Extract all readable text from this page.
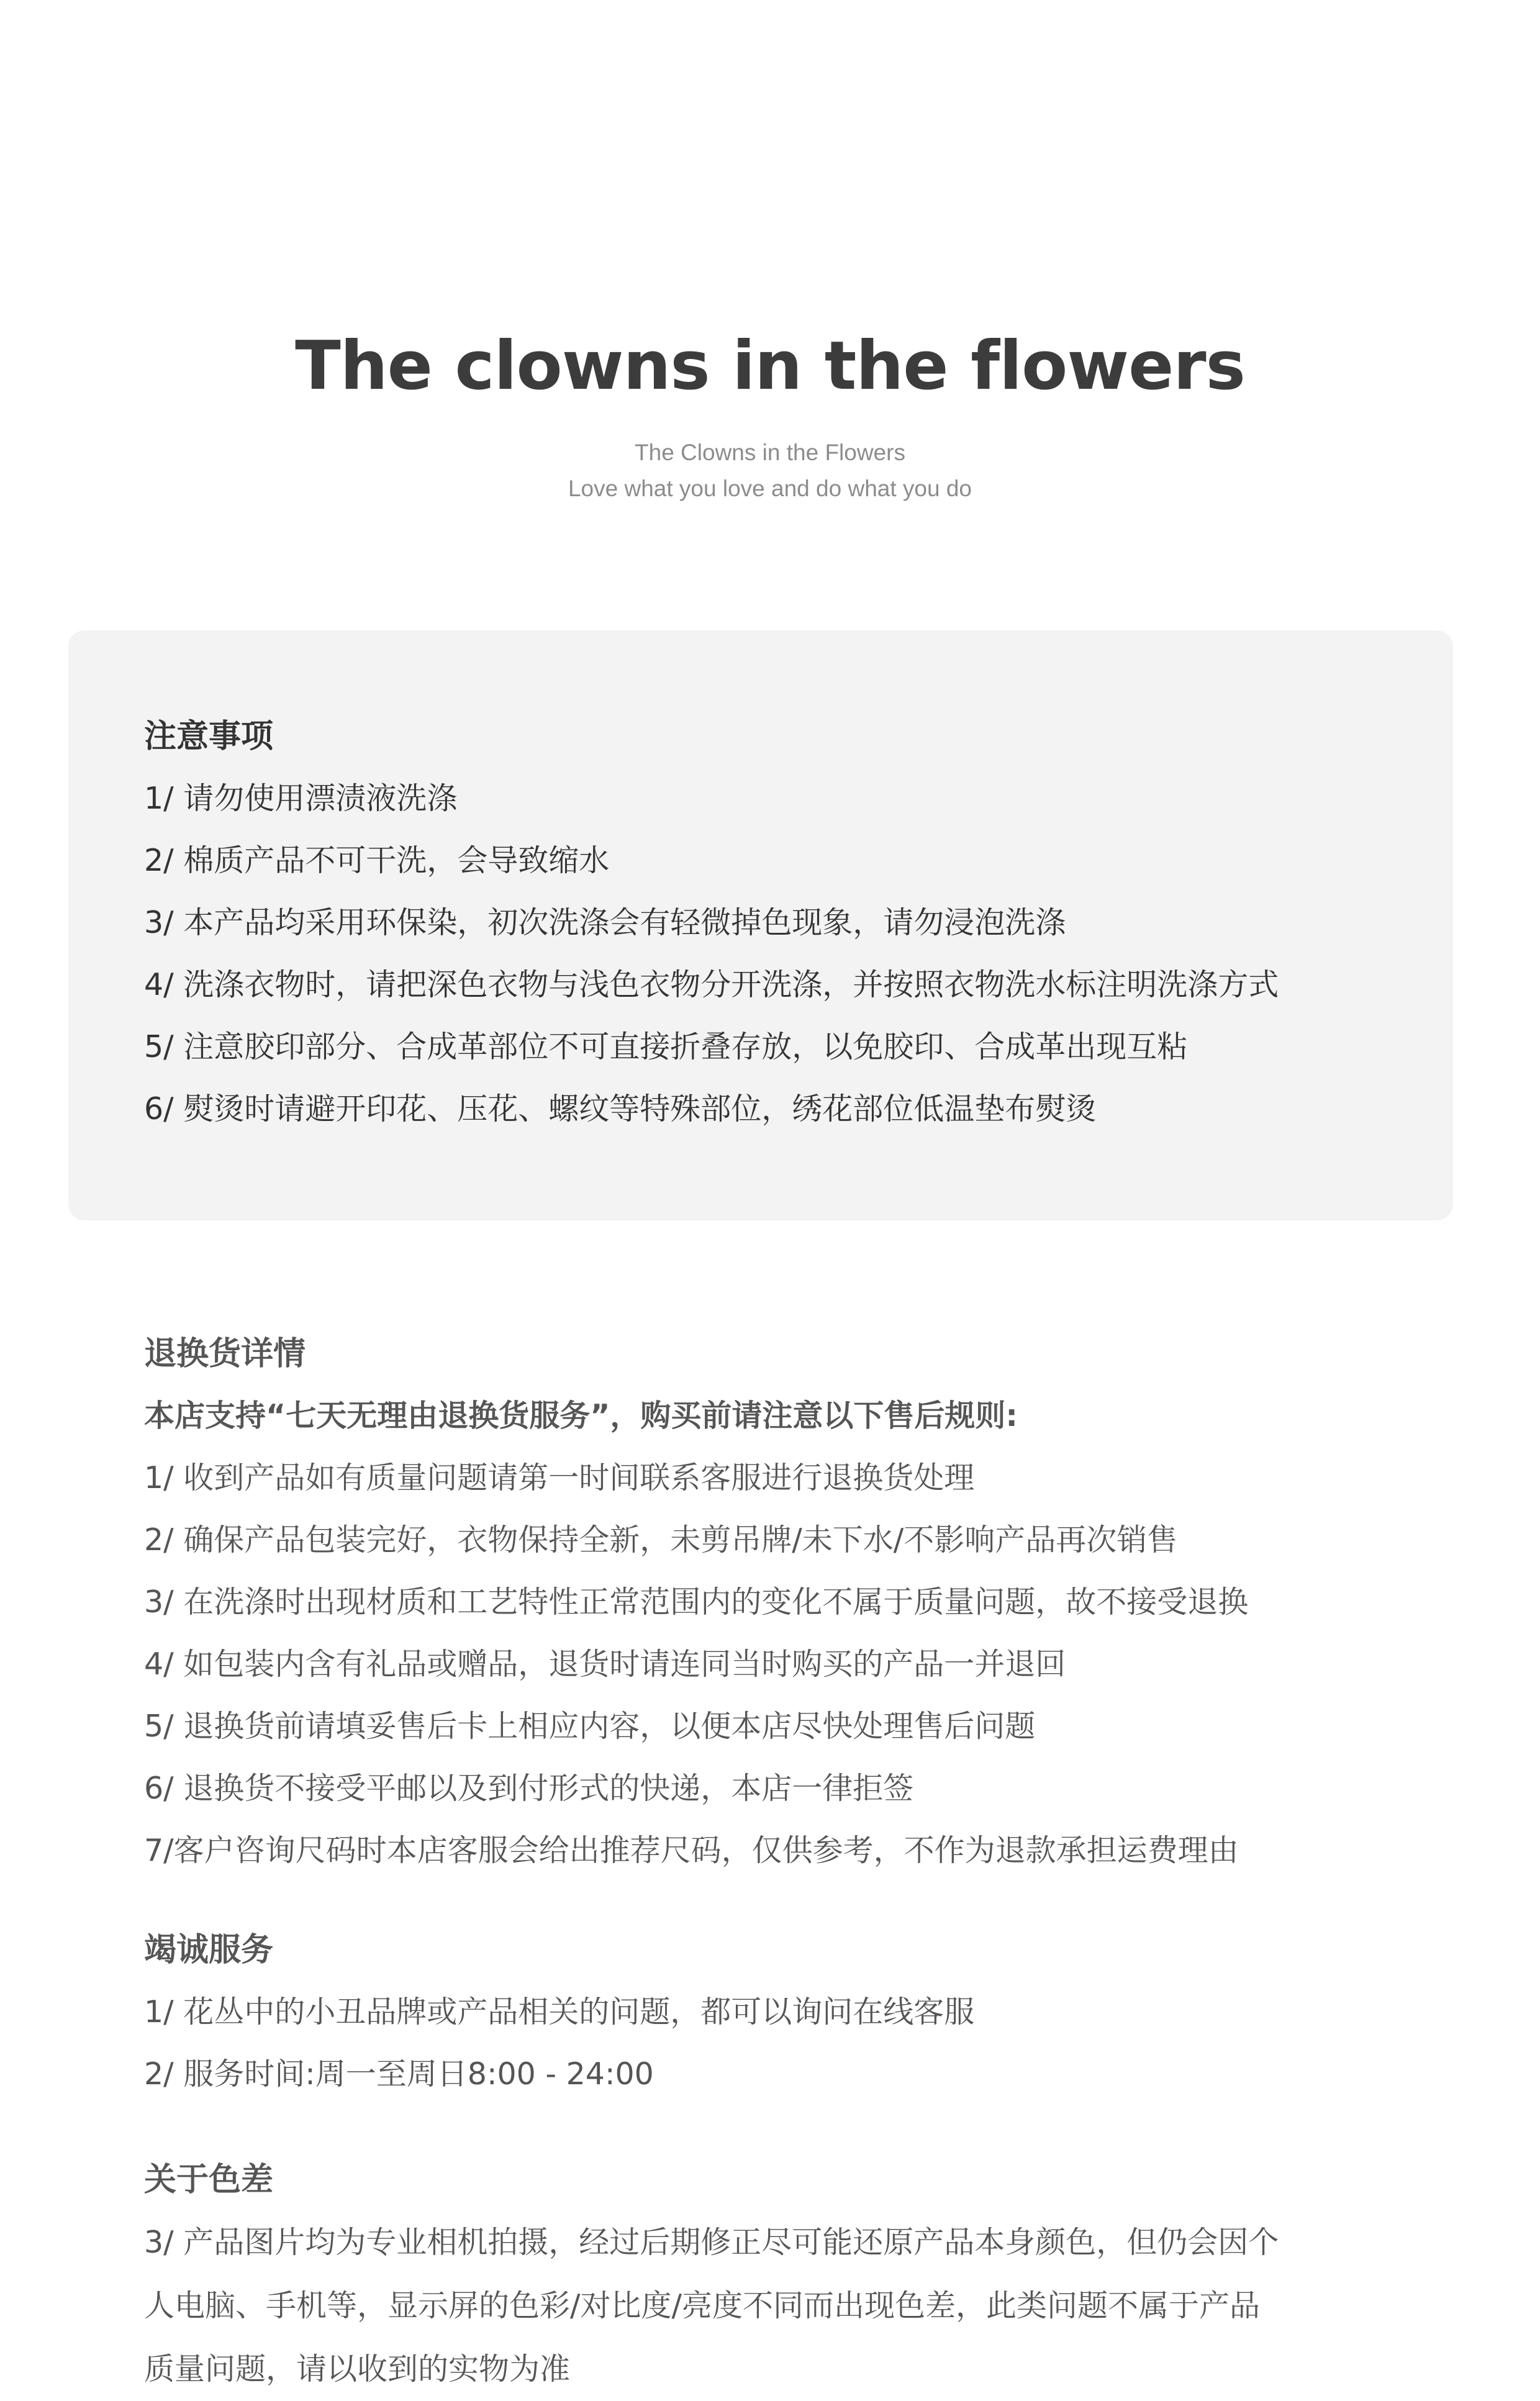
The clowns in the flowers
The Clowns in the Flowers
Love what you love and do what you do
注意事项
1/ 请勿使用漂渍液洗涤
2/ 棉质产品不可干洗，会导致缩水
3/ 本产品均采用环保染，初次洗涤会有轻微掉色现象，请勿浸泡洗涤
4/ 洗涤衣物时，请把深色衣物与浅色衣物分开洗涤，并按照衣物洗水标注明洗涤方式
5/ 注意胶印部分、合成革部位不可直接折叠存放，以免胶印、合成革出现互粘
6/ 熨烫时请避开印花、压花、螺纹等特殊部位，绣花部位低温垫布熨烫
退换货详情
本店支持“七天无理由退换货服务”，购买前请注意以下售后规则:
1/ 收到产品如有质量问题请第一时间联系客服进行退换货处理
2/ 确保产品包装完好，衣物保持全新，未剪吊牌/未下水/不影响产品再次销售
3/ 在洗涤时出现材质和工艺特性正常范围内的变化不属于质量问题，故不接受退换
4/ 如包装内含有礼品或赠品，退货时请连同当时购买的产品一并退回
5/ 退换货前请填妥售后卡上相应内容，以便本店尽快处理售后问题
6/ 退换货不接受平邮以及到付形式的快递，本店一律拒签
7/客户咨询尺码时本店客服会给出推荐尺码，仅供参考，不作为退款承担运费理由
竭诚服务
1/ 花丛中的小丑品牌或产品相关的问题，都可以询问在线客服
2/ 服务时间:周一至周日8:00 - 24:00
关于色差
3/ 产品图片均为专业相机拍摄，经过后期修正尽可能还原产品本身颜色，但仍会因个
人电脑、手机等，显示屏的色彩/对比度/亮度不同而出现色差，此类问题不属于产品
质量问题，请以收到的实物为准
